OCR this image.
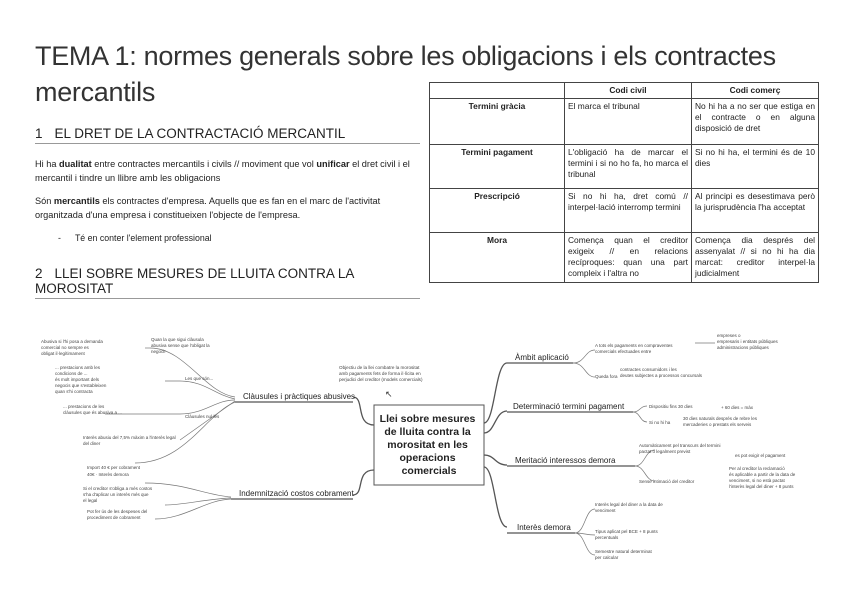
TEMA 1: normes generals sobre les obligacions i els contractes mercantils
1 EL DRET DE LA CONTRACTACIÓ MERCANTIL
Hi ha dualitat entre contractes mercantils i civils // moviment que vol unificar el dret civil i el mercantil i tindre un llibre amb les obligacions
Són mercantils els contractes d'empresa. Aquells que es fan en el marc de l'activitat organitzada d'una empresa i constitueixen l'objecte de l'empresa.
- Té en conter l'element professional
2 LLEI SOBRE MESURES DE LLUITA CONTRA LA MOROSITAT
	Codi civil	Codi comerç
Termini gràcia	El marca el tribunal	No hi ha a no ser que estiga en el contracte o en alguna disposició de dret
Termini pagament	L'obligació ha de marcar el termini i si no ho fa, ho marca el tribunal	Si no hi ha, el termini és de 10 dies
Prescripció	Si no hi ha, dret comú // interpel·lació interromp termini	Al principi es desestimava però la jurisprudència l'ha acceptat
Mora	Comença quan el creditor exigeix // en relacions recíproques: quan una part compleix i l'altra no	Comença dia després del assenyalat // si no hi ha dia marcat: creditor interpel·la judicialment
Llei sobre mesures de lluita contra la morositat en les operacions comercials
Clàusules i pràctiques abusives
Indemnització costos cobrament
Àmbit aplicació
Determinació termini pagament
Meritació interessos demora
Interès demora
Objectiu de la llei combatre la morositat amb pagaments fets de forma il·lícita en perjudici del creditor (models comercials)
↖
Abusiva si l'hi posa a demanda comercial no sempre es obligat il·legítimament
Quan la que sigui clàusula abusiva sense que l'obligat la negociï
... prestacions amb les condicions de ... és molt important dels negocis que s'estableixen quan s'hi contracta
Les que són...
... prestacions de les clàusules que és abusiva a ...
Clàusules nul·les
Interès abusiu del 7,5% màxim a l'interès legal del diner
Import 40 € per cobrament 40€ · Interès demora
Si el creditor s'obliga a més costos s'ha d'aplicar un interès més que el legal
Pot fer ús de les despeses del procediment de cobrament
A tots els pagaments en compraventes comercials efectuades entre
empreses o empresaris i entitats públiques administracions públiques
Queda fora
contractes consumidors i les deutes subjectes a processos concursals
Dispositiu fins 30 dies	+ 60 dies = màx
Si no hi ha
30 dies naturals després de rebre les mercaderies o prestats els serveis
Automàticament pel transcurs del termini pactat o legalment previst
es pot exigir el pagament
Sense intimació del creditor
Per al creditor la reclamació és aplicable a partir de la data de venciment, si no està pactat l'interès legal del diner + 8 punts
Interès legal del diner a la data de venciment
Tipus aplicat pel BCE + 8 punts percentuals
Semestre natural determinat per calcular
